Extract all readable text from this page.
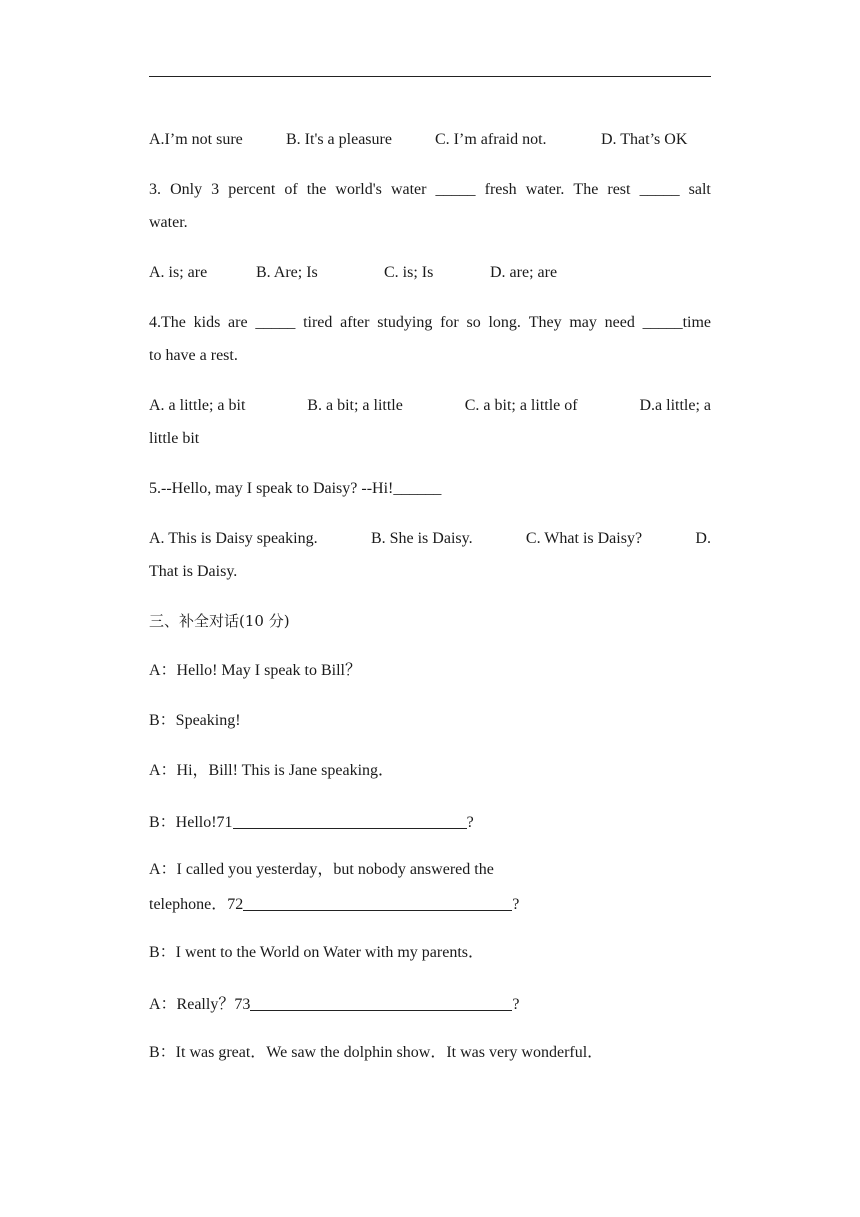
A.I’m not sure	B. It's a pleasure	C. I’m afraid not.	D. That’s OK
3. Only 3 percent of the world's water _____ fresh water. The rest _____ salt
water.
A. is; are	B. Are; Is	C. is; Is	D. are; are
4.The kids are _____ tired after studying for so long. They may need _____time
to have a rest.
A. a little; a bit	B. a bit; a little	C. a bit; a little of	D.a little; a
little bit
5.--Hello, may I speak to Daisy? --Hi!______
A. This is Daisy speaking.	B. She is Daisy.	C. What is Daisy?	D.
That is Daisy.
三、补全对话(10 分)
A：Hello! May I speak to Bill？
B：Speaking!
A：Hi，Bill! This is Jane speaking．
B：Hello!71	?
A：I called you yesterday，but nobody answered the
telephone．72	?
B：I went to the World on Water with my parents．
A：Really？73	?
B：It was great．We saw the dolphin show．It was very wonderful．
